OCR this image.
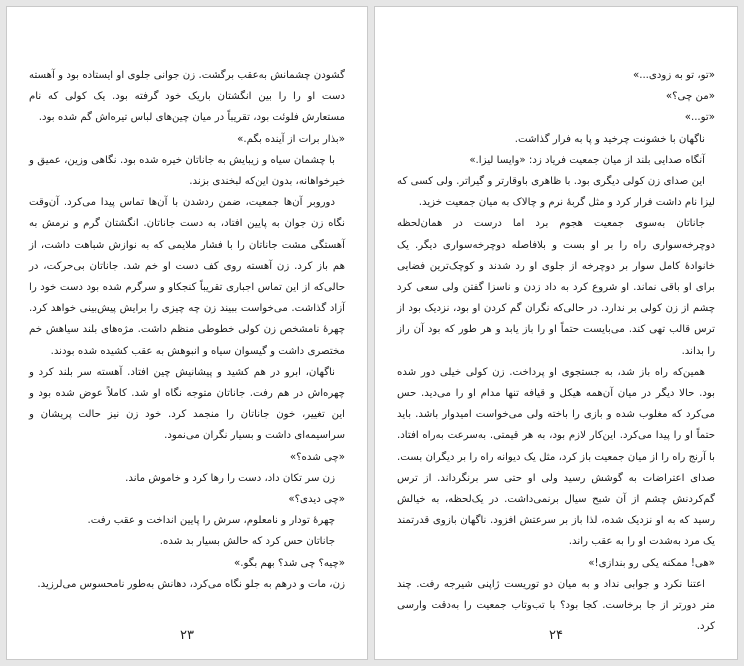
«تو، تو به زودی...»

«من چی؟»

«تو...»

ناگهان با خشونت چرخید و پا به فرار گذاشت.

آنگاه صدایی بلند از میان جمعیت فریاد زد: «وایسا لیزا.»

این صدای زن کولی دیگری بود. با ظاهری باوقارتر و گیراتر. ولی کسی که لیزا نام داشت فرار کرد و مثل گربهٔ نرم و چالاک به میان جمعیت خزید.

جاناتان به‌سوی جمعیت هجوم برد اما درست در همان‌لحظه دوچرخه‌سواری راه را بر او بست و بلافاصله دوچرخه‌سواری دیگر. یک خانوادهٔ کامل سوار بر دوچرخه از جلوی او رد شدند و کوچک‌ترین فضایی برای او باقی نماند. او شروع کرد به داد زدن و ناسزا گفتن ولی سعی کرد چشم از زن کولی بر ندارد. در حالی‌که نگران گم کردن او بود، نزدیک بود از ترس قالب تهی کند. می‌بایست حتماً او را باز یابد و هر طور که بود آن راز را بداند.

همین‌که راه باز شد، به جستجوی او پرداخت. زن کولی خیلی دور شده بود. حالا دیگر در میان آن‌همه هیکل و قیافه تنها مدام او را می‌دید. حس می‌کرد که مغلوب شده و بازی را باخته ولی می‌خواست امیدوار باشد. باید حتماً او را پیدا می‌کرد. این‌کار لازم بود، به هر قیمتی. به‌سرعت به‌راه افتاد. با آرنج راه را از میان جمعیت باز کرد، مثل یک دیوانه راه را بر دیگران بست. صدای اعتراضات به گوشش رسید ولی او حتی سر برنگرداند. از ترس گم‌کردنش چشم از آن شبح سیال برنمی‌داشت. در یک‌لحظه، به خیالش رسید که به او نزدیک شده، لذا باز بر سرعتش افزود. ناگهان بازوی قدرتمند یک مرد به‌شدت او را به عقب راند.

«هی! ممکنه یکی رو بندازی!»

اعتنا نکرد و جوابی نداد و به میان دو توریست ژاپنی شیرجه رفت. چند متر دورتر از جا برخاست. کجا بود؟ با تب‌وتاب جمعیت را به‌دقت وارسی کرد.

۲۴

گشودن چشمانش به‌عقب برگشت. زن جوانی جلوی او ایستاده بود و آهسته دست او را را بین انگشتان باریک خود گرفته بود. یک کولی که نام مستعارش فلوئت بود، تقریباً در میان چین‌های لباس تیره‌اش گم شده بود.

«بذار برات از آینده بگم.»

با چشمان سیاه و زیبایش به جاناتان خیره شده بود. نگاهی وزین، عمیق و خیرخواهانه، بدون این‌که لبخندی بزند.

دوروبر آن‌ها جمعیت، ضمن ردشدن با آن‌ها تماس پیدا می‌کرد. آن‌وقت نگاه زن جوان به پایین افتاد، به دست جاناتان. انگشتان گرم و نرمش به آهستگی مشت جاناتان را با فشار ملایمی که به نوازش شباهت داشت، از هم باز کرد. زن آهسته روی کف دست او خم شد. جاناتان بی‌حرکت، در حالی‌که از این تماس اجباری تقریباً کنجکاو و سرگرم شده بود دست خود را آزاد گذاشت. می‌خواست ببیند زن چه چیزی را برایش پیش‌بینی خواهد کرد. چهرهٔ نامشخص زن کولی خطوطی منظم داشت. مژه‌های بلند سیاهش خم مختصری داشت و گیسوان سیاه و انبوهش به عقب کشیده شده بودند.

ناگهان، ابرو در هم کشید و پیشانیش چین افتاد. آهسته سر بلند کرد و چهره‌اش در هم رفت. جاناتان متوجه نگاه او شد. کاملاً عوض شده بود و این تغییر، خون جاناتان را منجمد کرد. خود زن نیز حالت پریشان و سراسیمه‌ای داشت و بسیار نگران می‌نمود.

«چی شده؟»

زن سر تکان داد، دست را رها کرد و خاموش ماند.

«چی دیدی؟»

چهرهٔ تودار و نامعلوم، سرش را پایین انداخت و عقب رفت.

جاناتان حس کرد که حالش بسیار بد شده.

«چیه؟ چی شد؟ بهم بگو.»

زن، مات و درهم به جلو نگاه می‌کرد، دهانش به‌طور نامحسوس می‌لرزید.

۲۳
